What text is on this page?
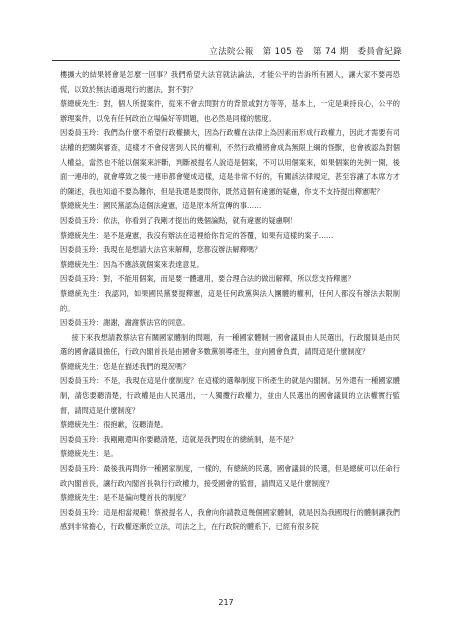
立法院公報　第 105 卷　第 74 期　委員會紀錄

樓擴大的結果將會是怎麼一回事？我們希望大法官就法論法，才能公平的告訴所有國人，讓大家不要再恐慌，以致於無法通過現行的憲法，對不對？

蔡總統先生：對，個人所提案件，從來不會去問對方的背景或對方等等，基本上，一定是秉持良心，公平的辦理案件，以免有任何政治立場偏好等問題，也必然是同樣的態度。

因委員玉玲：我們為什麼不希望行政權擴大，因為行政權在法律上為因素而形成行政權力，因此才需要有司法權的把關與審查，這樣才不會侵害到人民的權利，不然行政權將會成為無限上綱的怪獸，也會被認為對個人權益，當然也不能以個案來評斷，判斷被提名人說這是個案，不可以用個案來，如果個案的先例一開，後面一連串的，就會導致之後一連串都會變成這樣，這是非常不好的，有關該法律規定，甚至容讓了本席方才的陳述，我也知道不要為難你，但是我還是要問你，既然這個有違憲的疑慮，你支不支持提出釋憲呢？

蔡總統先生：國民黨認為這個法違憲，這是原本所宣傳的事……

因委員玉玲：依法，你看到了我剛才提出的幾個論點，就有違憲的疑慮啊！

蔡總統先生：是不是違憲，我沒有辦法在這裡給你肯定的答覆，如果有這樣的案子……

因委員玉玲：我現在是想請大法官來解釋，您都沒辦法解釋嗎？

蔡總統先生：因為不應該就個案來表達意見。

因委員玉玲：對，不能用個案，而是要一體適用，要合理合法的做出解釋，所以您支持釋憲？

蔡總統先生：我認同，如果國民黨要提釋憲，這是任何政黨與法人團體的權利，任何人都沒有辦法去限制的。

因委員玉玲：謝謝，謝謝蔡法官的同意。

接下來我想請教蔡法官有關國家體制的問題，有一種國家體制一國會議員由人民選出，行政閣員是由民選的國會議員擔任，行政內閣首長是由國會多數黨領導產生，並向國會負責，請問這是什麼制度？

蔡總統先生：您是在描述我們的現況嗎？

因委員玉玲：不是，我現在這是什麼制度？在這樣的選舉制度下所產生的就是內閣制。另外還有一種國家體制，請您要聽清楚，行政權是由人民選出，一人獨攬行政權力，並由人民選出的國會議員的立法權實行監督，請問這是什麼制度？

蔡總統先生：很抱歉，沒聽清楚。

因委員玉玲：我剛剛還叫你要聽清楚，這就是我們現在的總統制，是不是？

蔡總統先生：是。

因委員玉玲：最後我再問你一種國家制度，一樣的，有總統的民選，國會議員的民選，但是總統可以任命行政內閣首長，讓行政內閣首長執行行政權力，接受國會的監督，請問這又是什麼制度？

蔡總統先生：是不是偏向雙首長的制度？

因委員玉玲：這是相當規範！蔡被提名人，我會向你請教這幾個國家體制，就是因為我國現行的體制讓我們感到非常擔心，行政權逐漸於立法，司法之上，在行政院的體系下，已經有很多院

217
